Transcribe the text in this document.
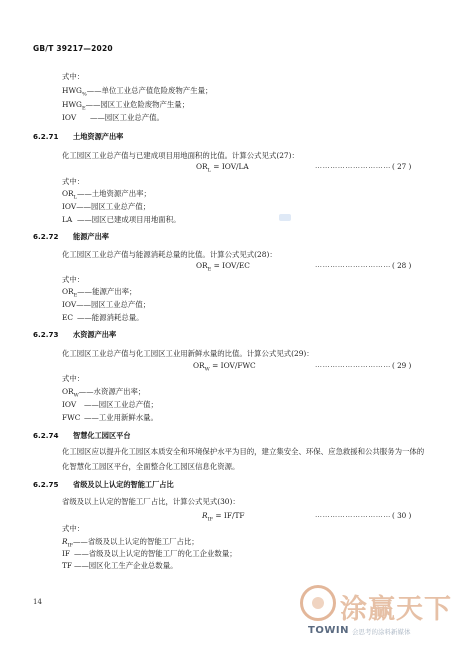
GB/T 39217—2020
式中：
$HWG_{\%}——$单位工业总产值危险废物产生量；
$HWG_E——$园区工业危险废物产生量；
IOV ——园区工业总产值。
6.2.71 土地资源产出率
化工园区工业总产值与已建成项目用地面积的比值。计算公式见式(27)：
$OR_L = IOV/LA$	………………………… ( 27 )
式中：
$OR_L——$土地资源产出率；
IOV——园区工业总产值；
LA ——园区已建成项目用地面积。
6.2.72 能源产出率
化工园区工业总产值与能源消耗总量的比值。计算公式见式(28)：
$OR_E = IOV/EC$	………………………… ( 28 )
式中：
$OR_E——$能源产出率；
IOV——园区工业总产值；
EC ——能源消耗总量。
6.2.73 水资源产出率
化工园区工业总产值与化工园区工业用新鲜水量的比值。计算公式见式(29)：
$OR_W = IOV/FWC$	………………………… ( 29 )
式中：
$OR_W——$水资源产出率；
IOV ——园区工业总产值；
FWC ——工业用新鲜水量。
6.2.74 智慧化工园区平台
化工园区应以提升化工园区本质安全和环境保护水平为目的，建立集安全、环保、应急救援和公共服务为一体的化智慧化工园区平台，全面整合化工园区信息化资源。
6.2.75 省级及以上认定的智能工厂占比
省级及以上认定的智能工厂占比，计算公式见式(30)：
$R_{IF} = IF/TF$	………………………… ( 30 )
式中：
$R_{IF}——$省级及以上认定的智能工厂占比；
IF ——省级及以上认定的智能工厂的化工企业数量；
TF ——园区化工生产企业总数量。
14	涂赢天下
TOWIN 会思考的涂料新媒体
